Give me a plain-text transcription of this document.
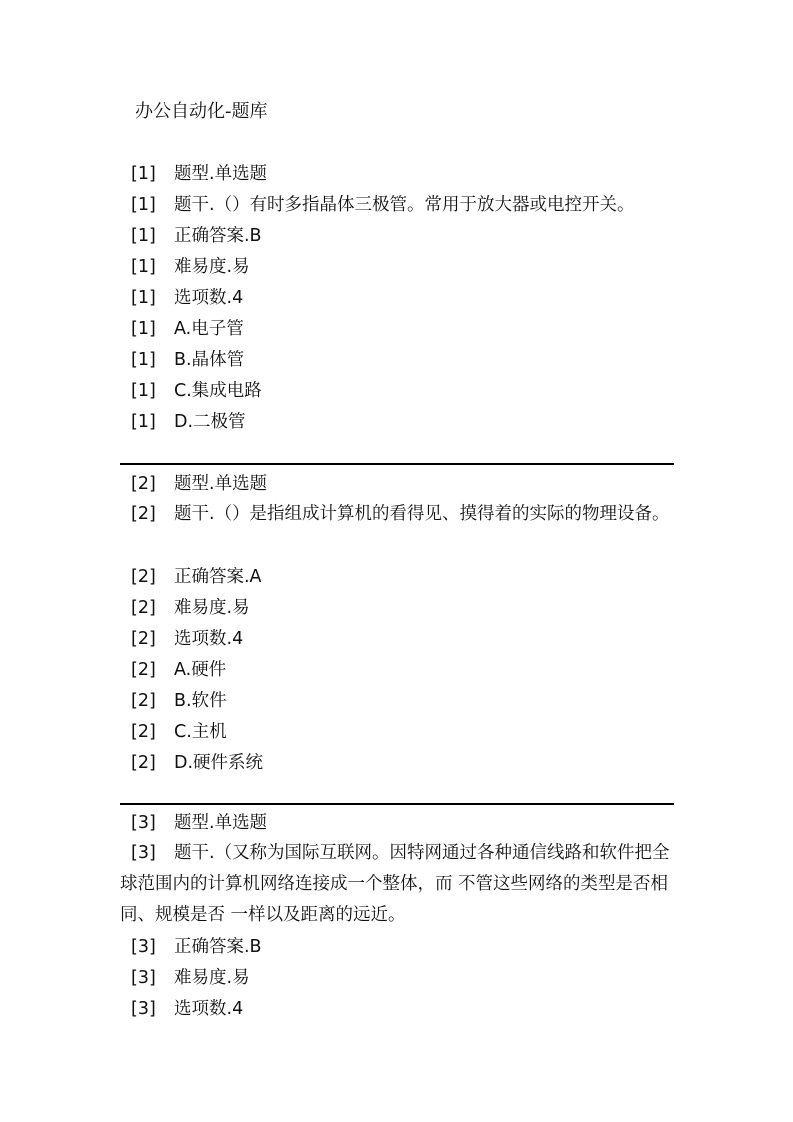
办公自动化-题库
[1] 题型.单选题
[1] 题干.（）有时多指晶体三极管。常用于放大器或电控开关。
[1] 正确答案.B
[1] 难易度.易
[1] 选项数.4
[1] A.电子管
[1] B.晶体管
[1] C.集成电路
[1] D.二极管
[2] 题型.单选题
[2] 题干.（）是指组成计算机的看得见、摸得着的实际的物理设备。
[2] 正确答案.A
[2] 难易度.易
[2] 选项数.4
[2] A.硬件
[2] B.软件
[2] C.主机
[2] D.硬件系统
[3] 题型.单选题
[3] 题干.（又称为国际互联网。因特网通过各种通信线路和软件把全球范围内的计算机网络连接成一个整体，而 不管这些网络的类型是否相同、规模是否 一样以及距离的远近。
[3] 正确答案.B
[3] 难易度.易
[3] 选项数.4
